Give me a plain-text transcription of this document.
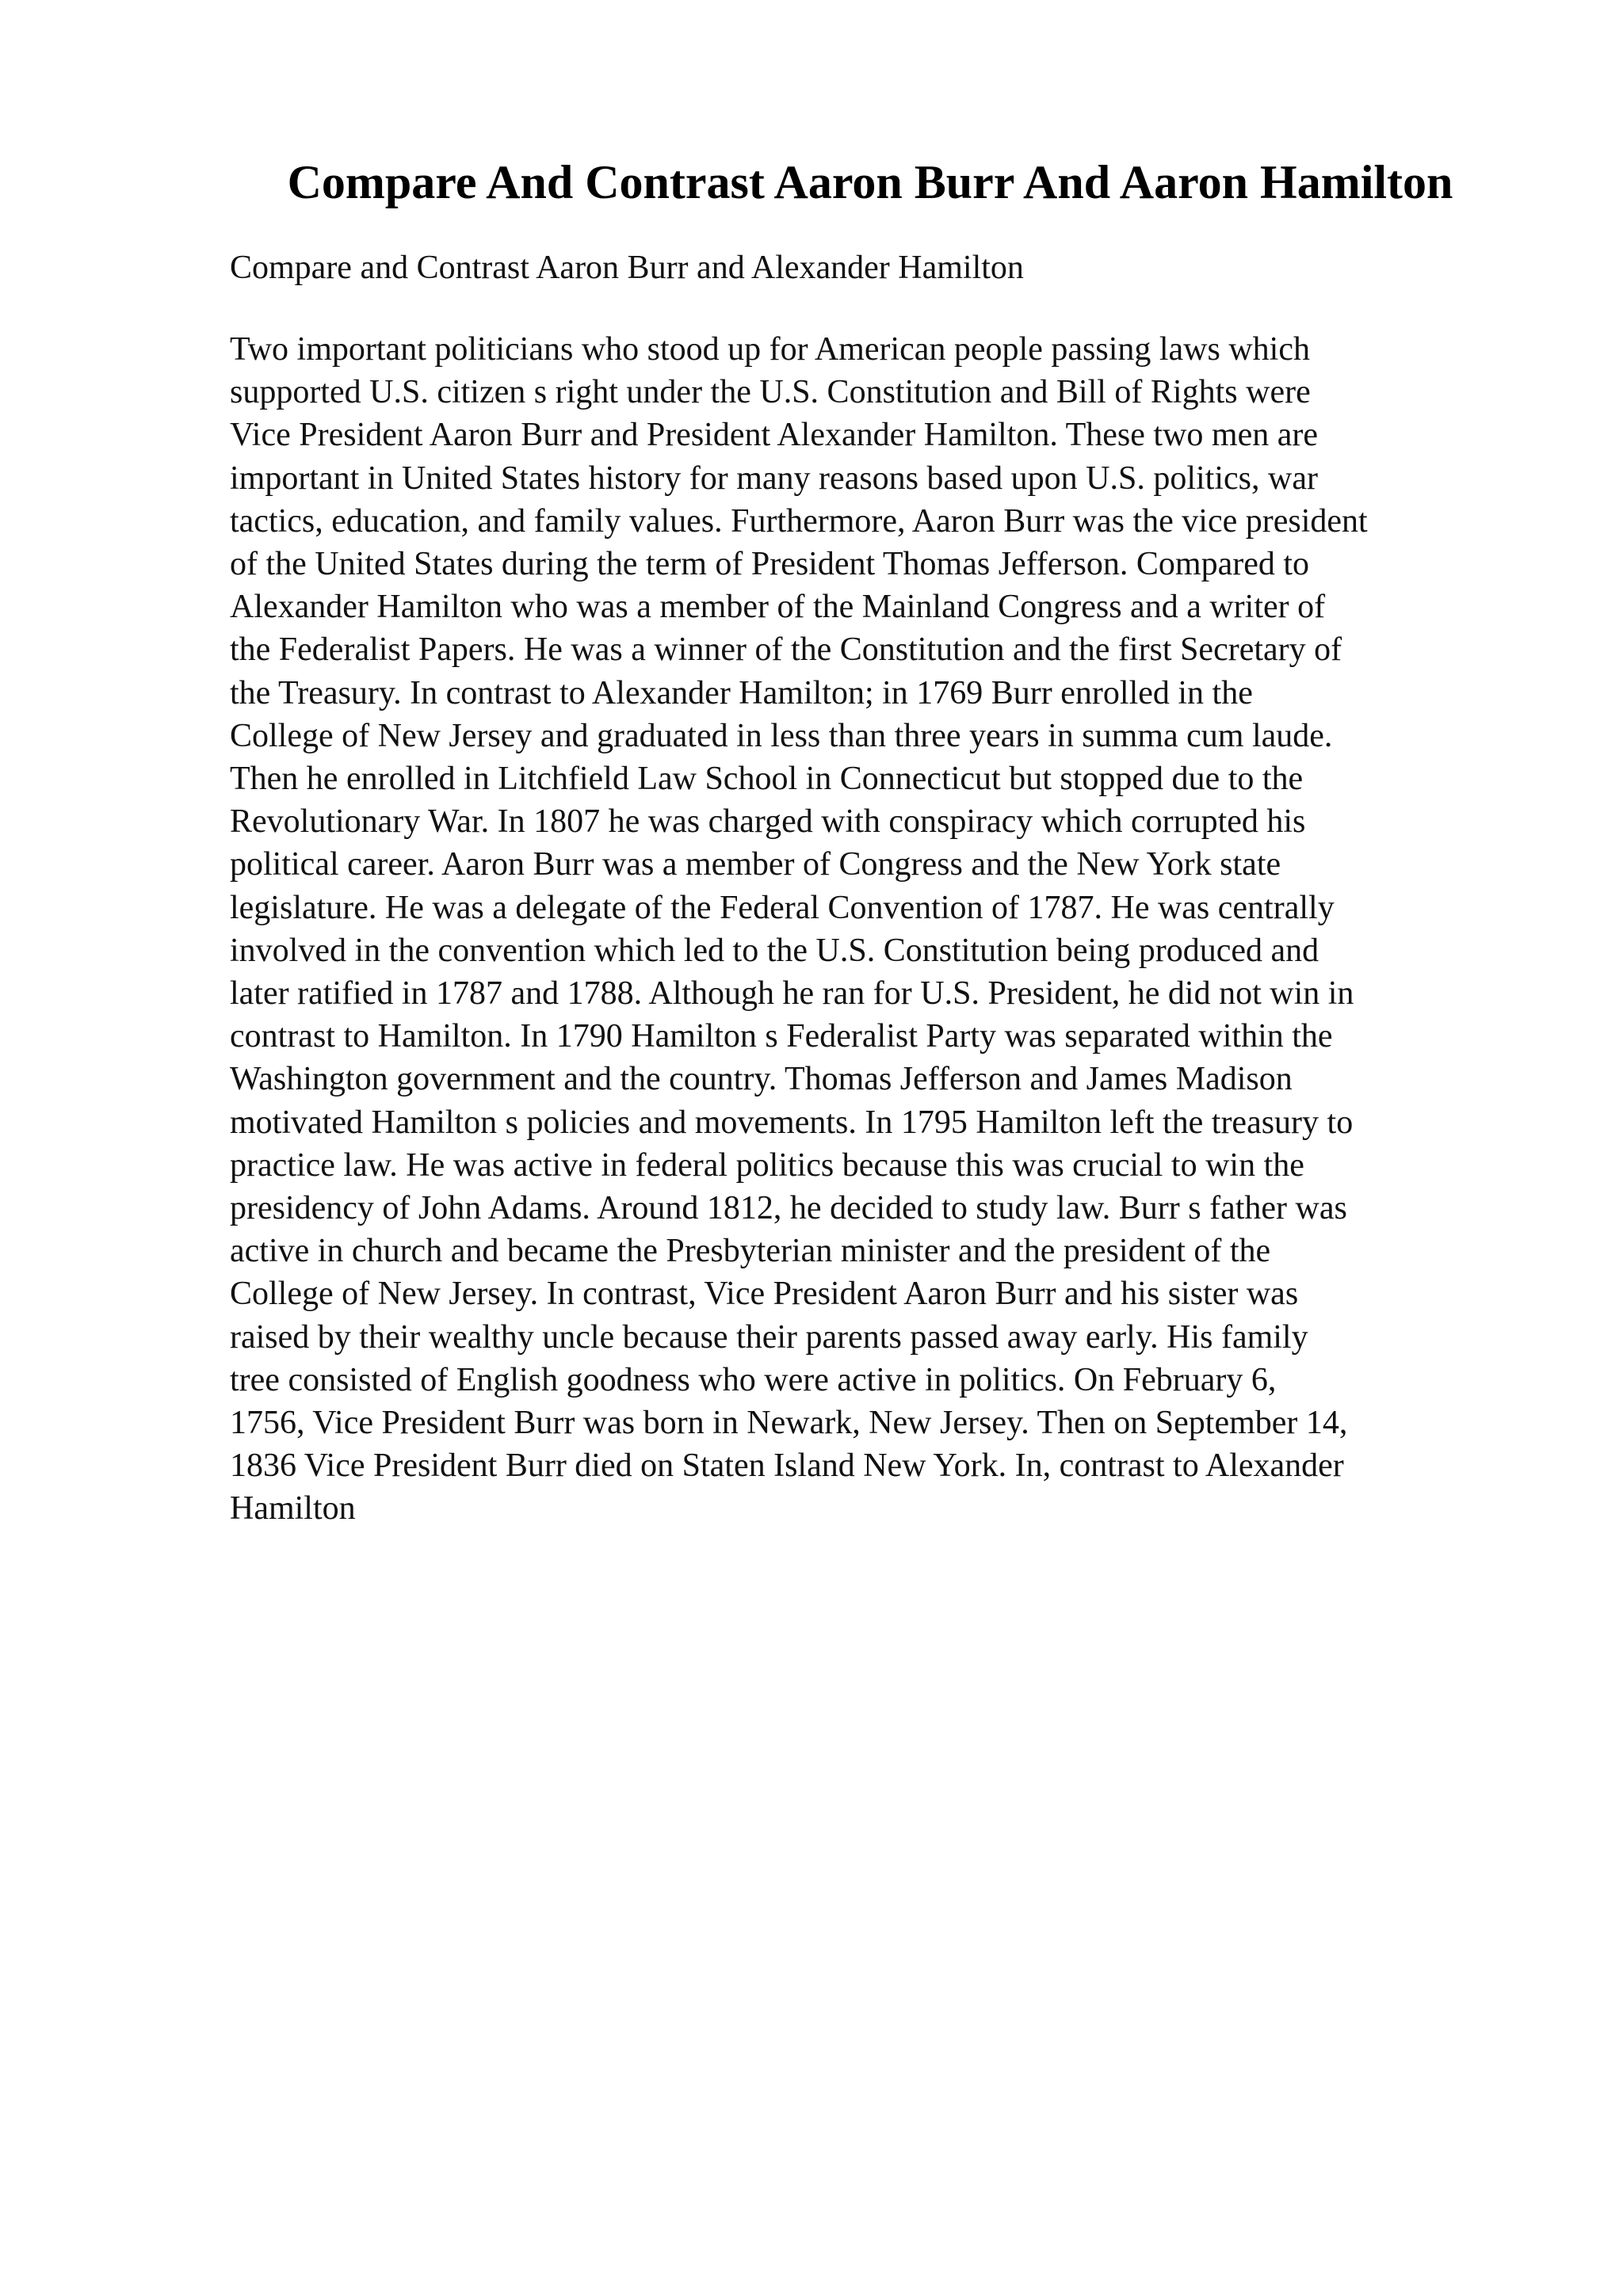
Compare And Contrast Aaron Burr And Aaron Hamilton

Compare and Contrast Aaron Burr and Alexander Hamilton

Two important politicians who stood up for American people passing laws which
supported U.S. citizen s right under the U.S. Constitution and Bill of Rights were
Vice President Aaron Burr and President Alexander Hamilton. These two men are
important in United States history for many reasons based upon U.S. politics, war
tactics, education, and family values. Furthermore, Aaron Burr was the vice president
of the United States during the term of President Thomas Jefferson. Compared to
Alexander Hamilton who was a member of the Mainland Congress and a writer of
the Federalist Papers. He was a winner of the Constitution and the first Secretary of
the Treasury. In contrast to Alexander Hamilton; in 1769 Burr enrolled in the
College of New Jersey and graduated in less than three years in summa cum laude.
Then he enrolled in Litchfield Law School in Connecticut but stopped due to the
Revolutionary War. In 1807 he was charged with conspiracy which corrupted his
political career. Aaron Burr was a member of Congress and the New York state
legislature. He was a delegate of the Federal Convention of 1787. He was centrally
involved in the convention which led to the U.S. Constitution being produced and
later ratified in 1787 and 1788. Although he ran for U.S. President, he did not win in
contrast to Hamilton. In 1790 Hamilton s Federalist Party was separated within the
Washington government and the country. Thomas Jefferson and James Madison
motivated Hamilton s policies and movements. In 1795 Hamilton left the treasury to
practice law. He was active in federal politics because this was crucial to win the
presidency of John Adams. Around 1812, he decided to study law. Burr s father was
active in church and became the Presbyterian minister and the president of the
College of New Jersey. In contrast, Vice President Aaron Burr and his sister was
raised by their wealthy uncle because their parents passed away early. His family
tree consisted of English goodness who were active in politics. On February 6,
1756, Vice President Burr was born in Newark, New Jersey. Then on September 14,
1836 Vice President Burr died on Staten Island New York. In, contrast to Alexander
Hamilton
